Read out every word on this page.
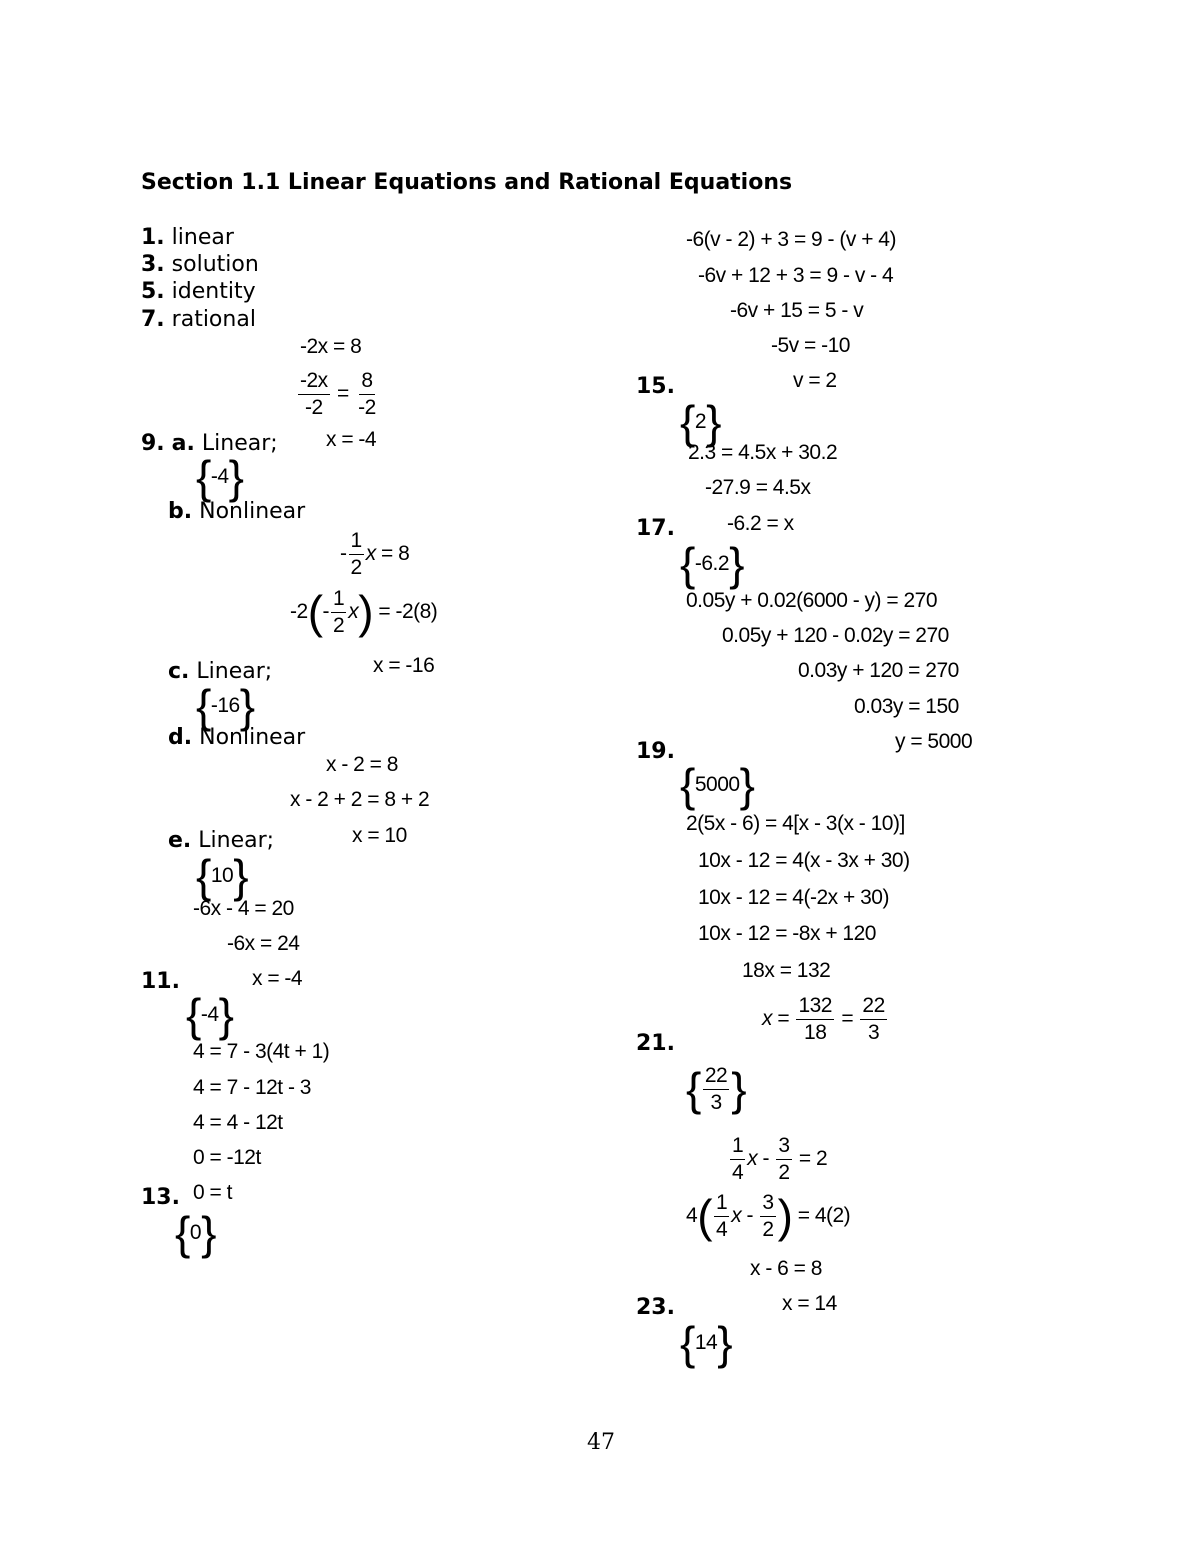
Section 1.1 Linear Equations and Rational Equations
1. linear
3. solution
5. identity
7. rational
-2x = 8
$\frac{-2x}{-2} = \frac{8}{-2}$
x = -4
9. a. Linear;
{-4}
b. Nonlinear
- $\frac{1}{2}$ x = 8
$-2(- \frac{1}{2} x) = -2(8)$
x = -16
c. Linear;
{-16}
d. Nonlinear
x - 2 = 8
x - 2 + 2 = 8 + 2
x = 10
e. Linear;
{10}
-6x - 4 = 20
-6x = 24
x = -4
11.
{-4}
4 = 7 - 3(4t + 1)
4 = 7 - 12t - 3
4 = 4 - 12t
0 = -12t
0 = t
13.
{0}
-6(v - 2) + 3 = 9 - (v + 4)
-6v + 12 + 3 = 9 - v - 4
-6v + 15 = 5 - v
-5v = -10
v = 2
15.
{2}
2.3 = 4.5x + 30.2
-27.9 = 4.5x
-6.2 = x
17.
{-6.2}
0.05y + 0.02(6000 - y) = 270
0.05y + 120 - 0.02y = 270
0.03y + 120 = 270
0.03y = 150
y = 5000
19.
{5000}
2(5x - 6) = 4[x - 3(x - 10)]
10x - 12 = 4(x - 3x + 30)
10x - 12 = 4(-2x + 30)
10x - 12 = -8x + 120
18x = 132
$x = \frac{132}{18} = \frac{22}{3}$
21.
{ $\frac{22}{3}$ }
$\frac{1}{4}$ $x - \frac{3}{2} = 2$
$4( \frac{1}{4}$ x - $\frac{3}{2}$ ) = 4(2)
x - 6 = 8
x = 14
23.
{14}
47
